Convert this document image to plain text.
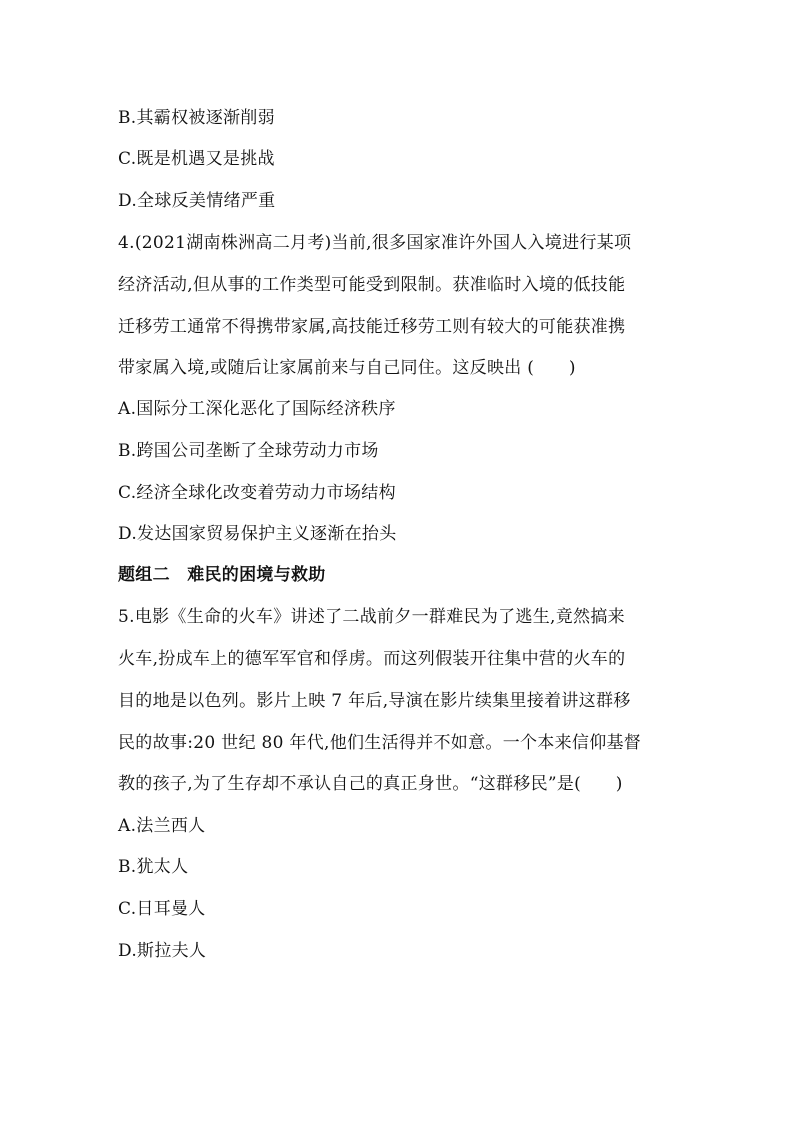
B.其霸权被逐渐削弱
C.既是机遇又是挑战
D.全球反美情绪严重
4.(2021湖南株洲高二月考)当前,很多国家准许外国人入境进行某项
经济活动,但从事的工作类型可能受到限制。获准临时入境的低技能
迁移劳工通常不得携带家属,高技能迁移劳工则有较大的可能获准携
带家属入境,或随后让家属前来与自己同住。这反映出 (　　)
A.国际分工深化恶化了国际经济秩序
B.跨国公司垄断了全球劳动力市场
C.经济全球化改变着劳动力市场结构
D.发达国家贸易保护主义逐渐在抬头
题组二　难民的困境与救助
5.电影《生命的火车》讲述了二战前夕一群难民为了逃生,竟然搞来
火车,扮成车上的德军军官和俘虏。而这列假装开往集中营的火车的
目的地是以色列。影片上映 7 年后,导演在影片续集里接着讲这群移
民的故事:20 世纪 80 年代,他们生活得并不如意。一个本来信仰基督
教的孩子,为了生存却不承认自己的真正身世。“这群移民”是(　　)
A.法兰西人
B.犹太人
C.日耳曼人
D.斯拉夫人
